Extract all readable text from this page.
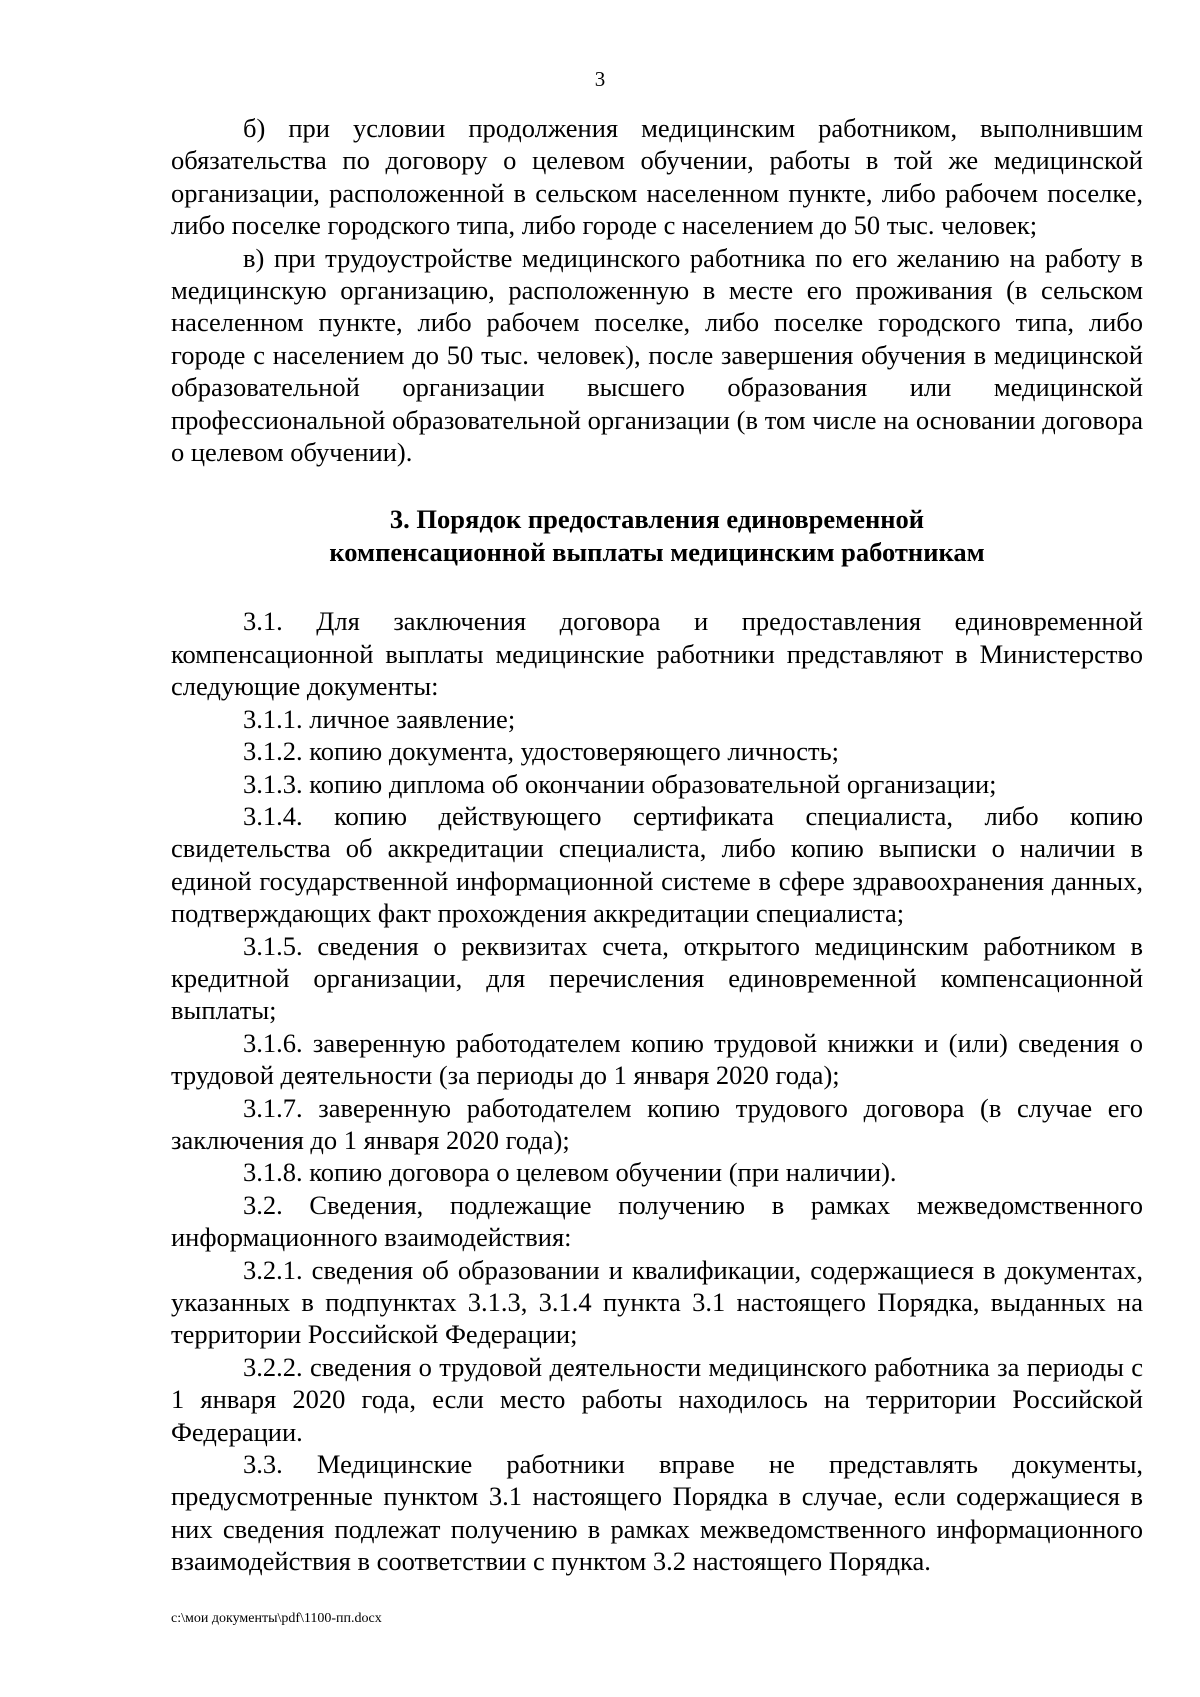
3

б) при условии продолжения медицинским работником, выполнившим обязательства по договору о целевом обучении, работы в той же медицинской организации, расположенной в сельском населенном пункте, либо рабочем поселке, либо поселке городского типа, либо городе с населением до 50 тыс. человек;

в) при трудоустройстве медицинского работника по его желанию на работу в медицинскую организацию, расположенную в месте его проживания (в сельском населенном пункте, либо рабочем поселке, либо поселке городского типа, либо городе с населением до 50 тыс. человек), после завершения обучения в медицинской образовательной организации высшего образования или медицинской профессиональной образовательной организации (в том числе на основании договора о целевом обучении).

3. Порядок предоставления единовременной
компенсационной выплаты медицинским работникам

3.1. Для заключения договора и предоставления единовременной компенсационной выплаты медицинские работники представляют в Министерство следующие документы:

3.1.1. личное заявление;

3.1.2. копию документа, удостоверяющего личность;

3.1.3. копию диплома об окончании образовательной организации;

3.1.4. копию действующего сертификата специалиста, либо копию свидетельства об аккредитации специалиста, либо копию выписки о наличии в единой государственной информационной системе в сфере здравоохранения данных, подтверждающих факт прохождения аккредитации специалиста;

3.1.5. сведения о реквизитах счета, открытого медицинским работником в кредитной организации, для перечисления единовременной компенсационной выплаты;

3.1.6. заверенную работодателем копию трудовой книжки и (или) сведения о трудовой деятельности (за периоды до 1 января 2020 года);

3.1.7. заверенную работодателем копию трудового договора (в случае его заключения до 1 января 2020 года);

3.1.8. копию договора о целевом обучении (при наличии).

3.2. Сведения, подлежащие получению в рамках межведомственного информационного взаимодействия:

3.2.1. сведения об образовании и квалификации, содержащиеся в документах, указанных в подпунктах 3.1.3, 3.1.4 пункта 3.1 настоящего Порядка, выданных на территории Российской Федерации;

3.2.2. сведения о трудовой деятельности медицинского работника за периоды с 1 января 2020 года, если место работы находилось на территории Российской Федерации.

3.3. Медицинские работники вправе не представлять документы, предусмотренные пунктом 3.1 настоящего Порядка в случае, если содержащиеся в них сведения подлежат получению в рамках межведомственного информационного взаимодействия в соответствии с пунктом 3.2 настоящего Порядка.

c:\мои документы\pdf\1100-пп.docx
